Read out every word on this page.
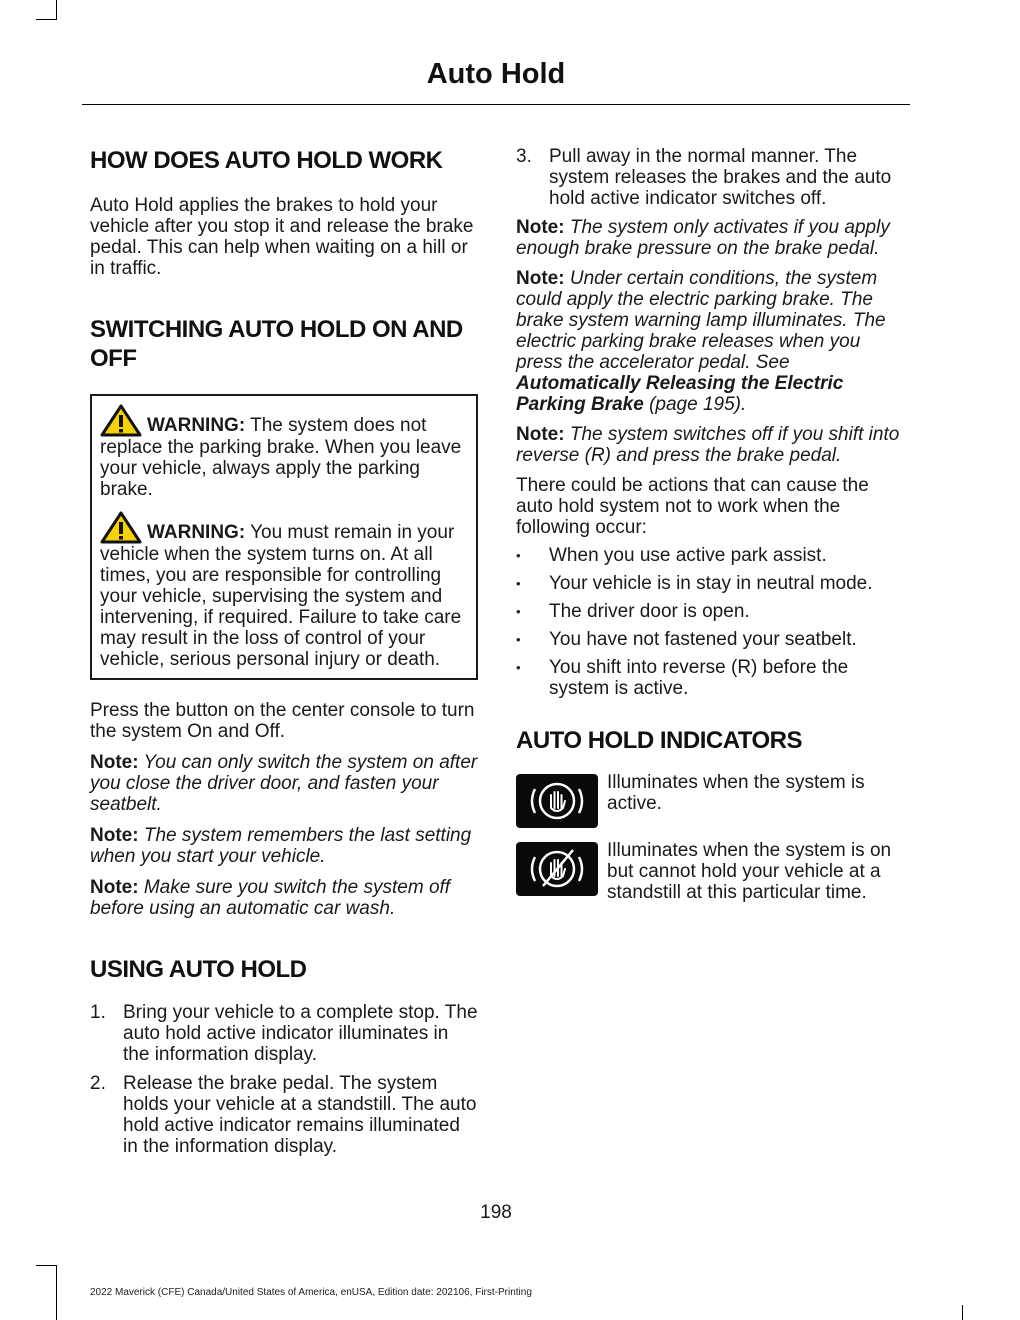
Auto Hold
HOW DOES AUTO HOLD WORK

Auto Hold applies the brakes to hold your vehicle after you stop it and release the brake pedal. This can help when waiting on a hill or in traffic.

SWITCHING AUTO HOLD ON AND OFF

WARNING: The system does not replace the parking brake. When you leave your vehicle, always apply the parking brake.

WARNING: You must remain in your vehicle when the system turns on. At all times, you are responsible for controlling your vehicle, supervising the system and intervening, if required. Failure to take care may result in the loss of control of your vehicle, serious personal injury or death.

Press the button on the center console to turn the system On and Off.

Note: You can only switch the system on after you close the driver door, and fasten your seatbelt.

Note: The system remembers the last setting when you start your vehicle.

Note: Make sure you switch the system off before using an automatic car wash.

USING AUTO HOLD
1. Bring your vehicle to a complete stop. The auto hold active indicator illuminates in the information display.
2. Release the brake pedal. The system holds your vehicle at a standstill. The auto hold active indicator remains illuminated in the information display.
3. Pull away in the normal manner. The system releases the brakes and the auto hold active indicator switches off.

Note: The system only activates if you apply enough brake pressure on the brake pedal.

Note: Under certain conditions, the system could apply the electric parking brake. The brake system warning lamp illuminates. The electric parking brake releases when you press the accelerator pedal. See Automatically Releasing the Electric Parking Brake (page 195).

Note: The system switches off if you shift into reverse (R) and press the brake pedal.

There could be actions that can cause the auto hold system not to work when the following occur:

• When you use active park assist.
• Your vehicle is in stay in neutral mode.
• The driver door is open.
• You have not fastened your seatbelt.
• You shift into reverse (R) before the system is active.
AUTO HOLD INDICATORS

Illuminates when the system is active.

Illuminates when the system is on but cannot hold your vehicle at a standstill at this particular time.

198
2022 Maverick (CFE) Canada/United States of America, enUSA, Edition date: 202106, First-Printing
